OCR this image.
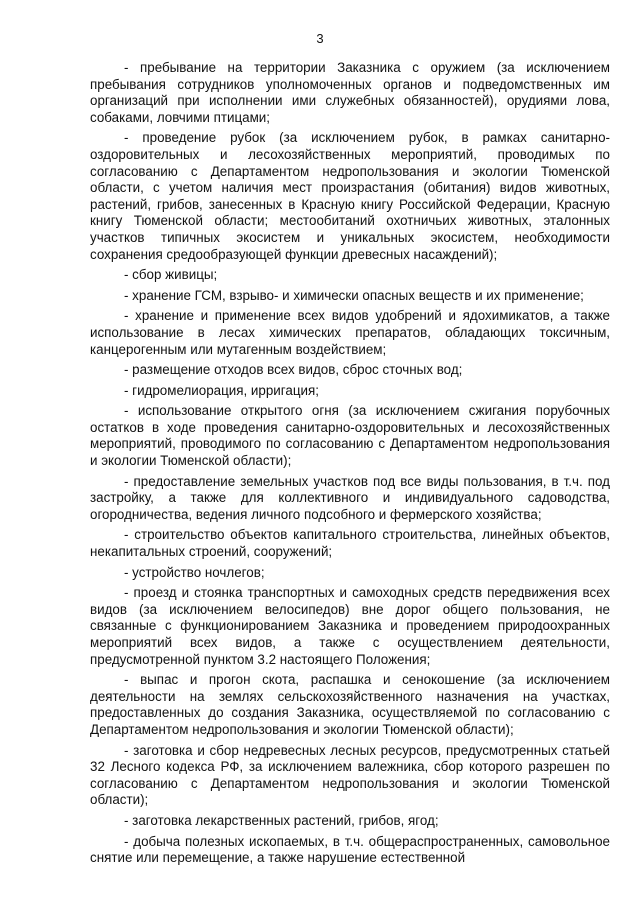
3

- пребывание на территории Заказника с оружием (за исключением пребывания сотрудников уполномоченных органов и подведомственных им организаций при исполнении ими служебных обязанностей), орудиями лова, собаками, ловчими птицами;

- проведение рубок (за исключением рубок, в рамках санитарно-оздоровительных и лесохозяйственных мероприятий, проводимых по согласованию с Департаментом недропользования и экологии Тюменской области, с учетом наличия мест произрастания (обитания) видов животных, растений, грибов, занесенных в Красную книгу Российской Федерации, Красную книгу Тюменской области; местообитаний охотничьих животных, эталонных участков типичных экосистем и уникальных экосистем, необходимости сохранения средообразующей функции древесных насаждений);

- сбор живицы;

- хранение ГСМ, взрыво- и химически опасных веществ и их применение;

- хранение и применение всех видов удобрений и ядохимикатов, а также использование в лесах химических препаратов, обладающих токсичным, канцерогенным или мутагенным воздействием;

- размещение отходов всех видов, сброс сточных вод;

- гидромелиорация, ирригация;

- использование открытого огня (за исключением сжигания порубочных остатков в ходе проведения санитарно-оздоровительных и лесохозяйственных мероприятий, проводимого по согласованию с Департаментом недропользования и экологии Тюменской области);

- предоставление земельных участков под все виды пользования, в т.ч. под застройку, а также для коллективного и индивидуального садоводства, огородничества, ведения личного подсобного и фермерского хозяйства;

- строительство объектов капитального строительства, линейных объектов, некапитальных строений, сооружений;

- устройство ночлегов;

- проезд и стоянка транспортных и самоходных средств передвижения всех видов (за исключением велосипедов) вне дорог общего пользования, не связанные с функционированием Заказника и проведением природоохранных мероприятий всех видов, а также с осуществлением деятельности, предусмотренной пунктом 3.2 настоящего Положения;

- выпас и прогон скота, распашка и сенокошение (за исключением деятельности на землях сельскохозяйственного назначения на участках, предоставленных до создания Заказника, осуществляемой по согласованию с Департаментом недропользования и экологии Тюменской области);

- заготовка и сбор недревесных лесных ресурсов, предусмотренных статьей 32 Лесного кодекса РФ, за исключением валежника, сбор которого разрешен по согласованию с Департаментом недропользования и экологии Тюменской области);

- заготовка лекарственных растений, грибов, ягод;

- добыча полезных ископаемых, в т.ч. общераспространенных, самовольное снятие или перемещение, а также нарушение естественной
